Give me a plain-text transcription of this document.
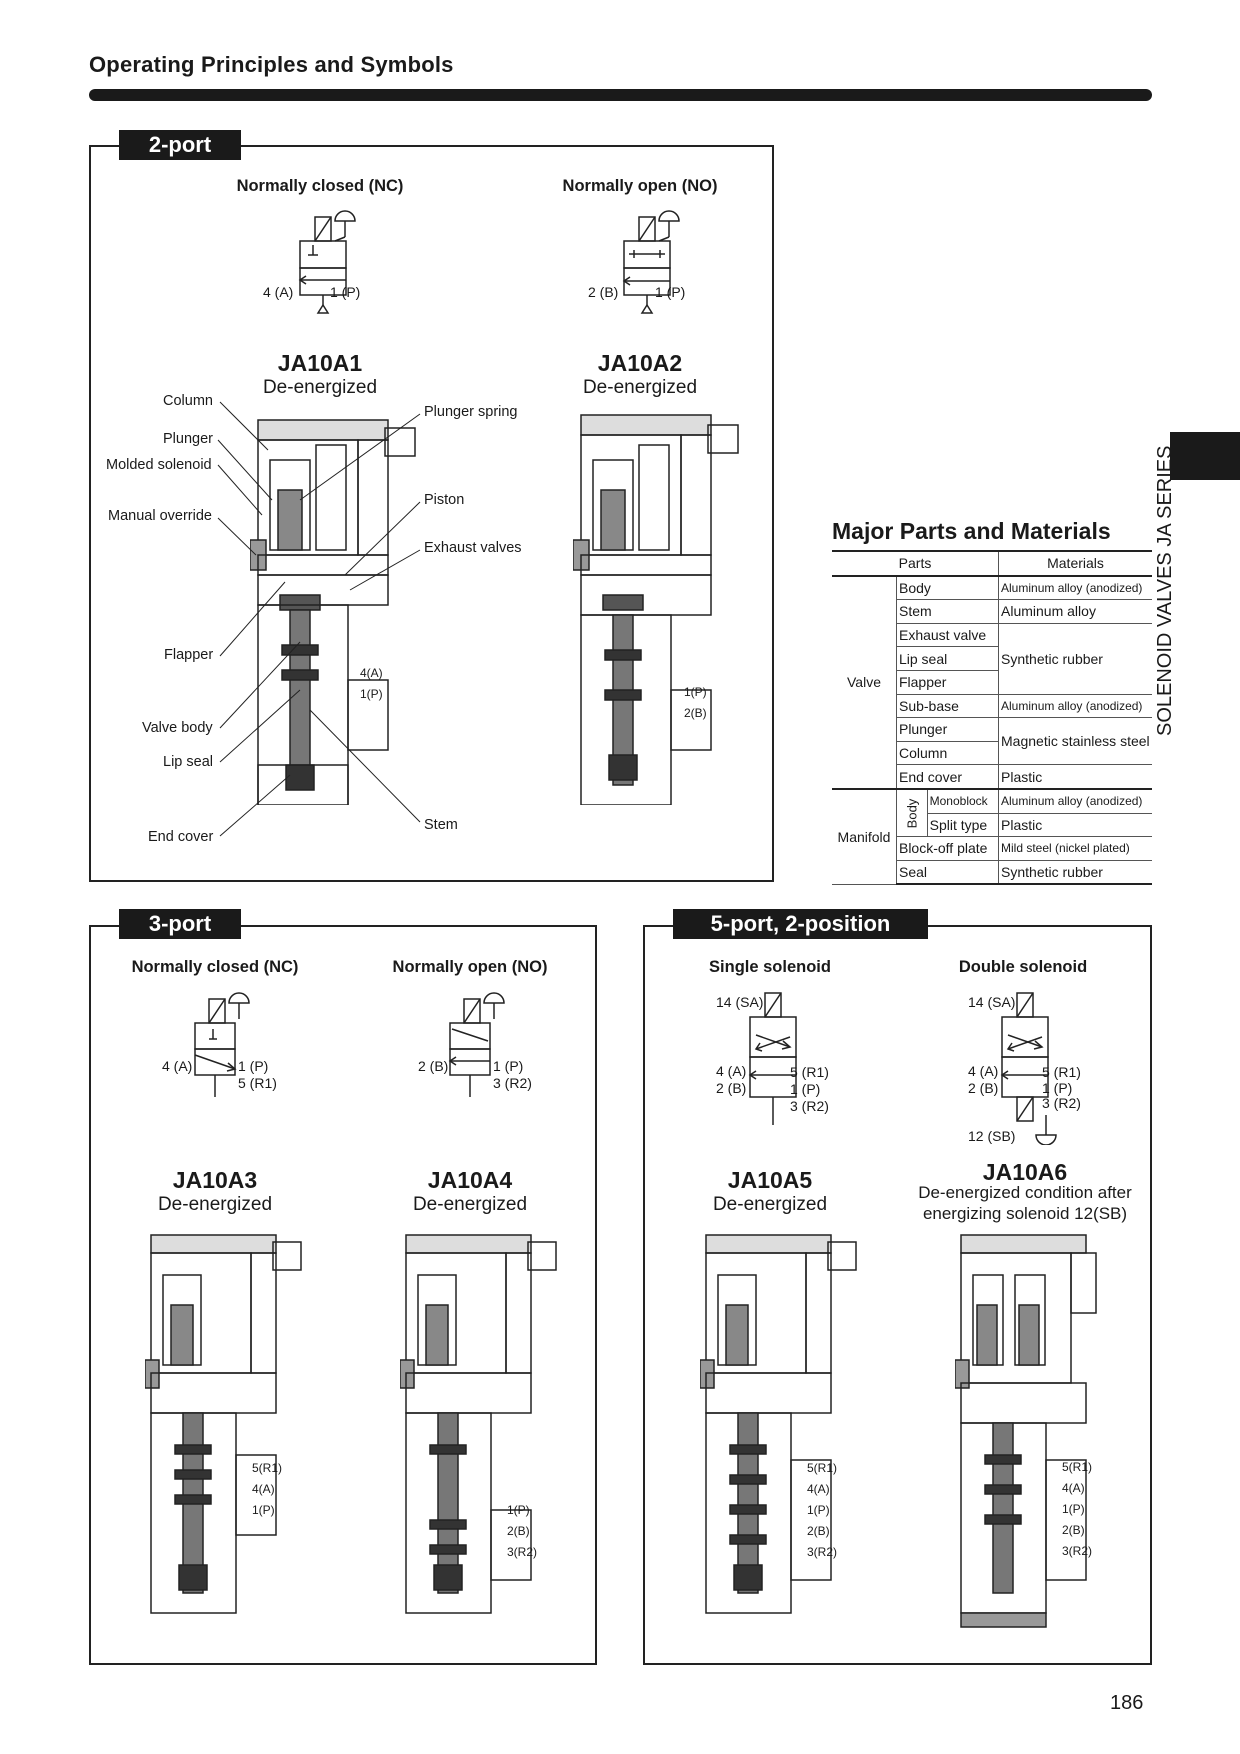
Operating Principles and Symbols
SOLENOID VALVES JA SERIES
2-port
Normally closed (NC)	Normally open (NO)
4 (A)	1 (P)	2 (B)	1 (P)
JA10A1
De-energized
JA10A2
De-energized
Column
Plunger
Molded solenoid
Manual override
Flapper
Valve body
Lip seal
End cover
Plunger spring
Piston
Exhaust valves
Stem
4(A)
1(P)	1(P)
2(B)
Major Parts and Materials
Parts			Materials
Valve	Body		Aluminum alloy (anodized)
	Stem		Aluminum alloy
	Exhaust valve		Synthetic rubber
	Lip seal		
	Flapper		
	Sub-base		Aluminum alloy (anodized)
	Plunger		Magnetic stainless steel
	Column		
	End cover		Plastic
Manifold	Body	Monoblock	Aluminum alloy (anodized)
		Split type	Plastic
	Block-off plate		Mild steel (nickel plated)
	Seal		Synthetic rubber
3-port
Normally closed (NC)	Normally open (NO)
4 (A)	1 (P)
5 (R1)
2 (B)	1 (P)
3 (R2)
JA10A3
De-energized
JA10A4
De-energized
5(R1)
4(A)
1(P)	1(P)
2(B)
3(R2)
5-port, 2-position
Single solenoid	Double solenoid
14 (SA)
4 (A)
2 (B)
5 (R1)
1 (P)
3 (R2)
14 (SA)
4 (A)
2 (B)
5 (R1)
1 (P)
3 (R2)
12 (SB)
JA10A5
De-energized
JA10A6
De-energized condition after
energizing solenoid 12(SB)
5(R1)
4(A)
1(P)
2(B)
3(R2)
5(R1)
4(A)
1(P)
2(B)
3(R2)
186
